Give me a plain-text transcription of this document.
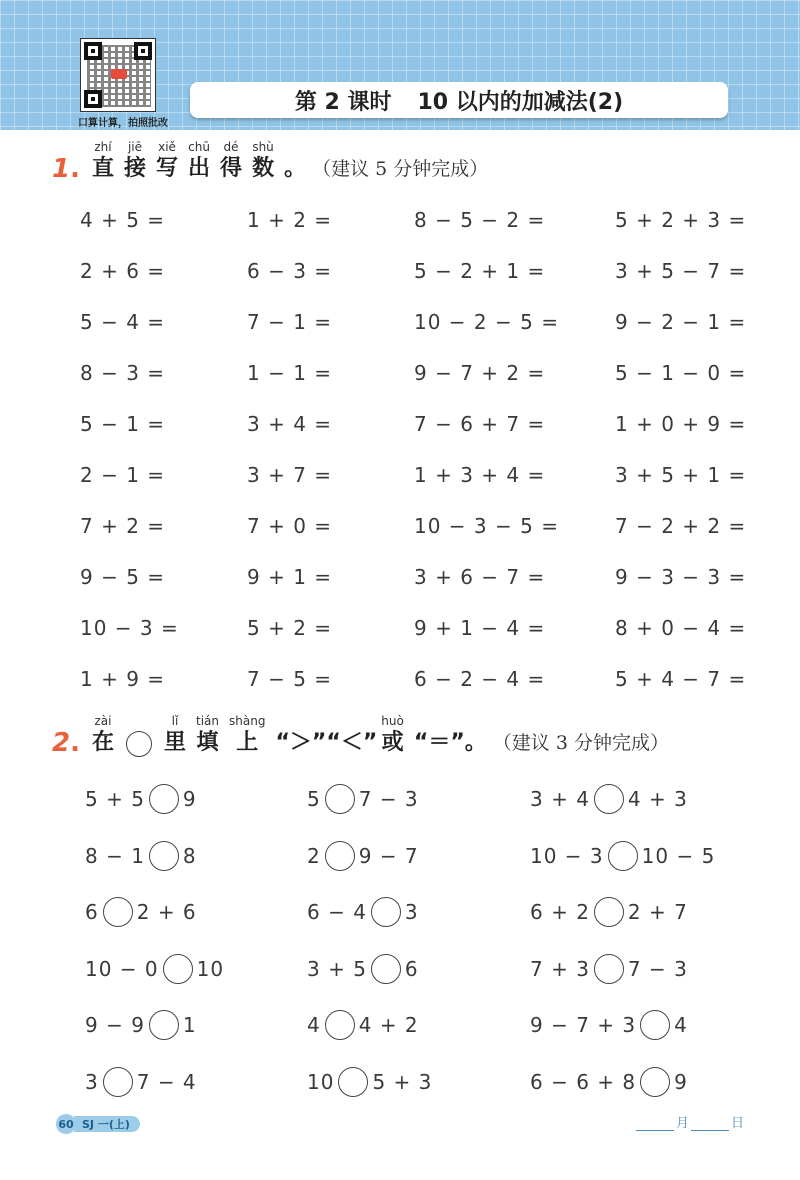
口算计算，拍照批改
第 2 课时 10 以内的加减法(2)
1.
zhí
直
jiē
接
xiě
写
chū
出
dé
得
shù
数 。 （建议 5 分钟完成）
4 + 5 =	1 + 2 =	8 − 5 − 2 =	5 + 2 + 3 =
2 + 6 =	6 − 3 =	5 − 2 + 1 =	3 + 5 − 7 =
5 − 4 =	7 − 1 =	10 − 2 − 5 =	9 − 2 − 1 =
8 − 3 =	1 − 1 =	9 − 7 + 2 =	5 − 1 − 0 =
5 − 1 =	3 + 4 =	7 − 6 + 7 =	1 + 0 + 9 =
2 − 1 =	3 + 7 =	1 + 3 + 4 =	3 + 5 + 1 =
7 + 2 =	7 + 0 =	10 − 3 − 5 =	7 − 2 + 2 =
9 − 5 =	9 + 1 =	3 + 6 − 7 =	9 − 3 − 3 =
10 − 3 =	5 + 2 =	9 + 1 − 4 =	8 + 0 − 4 =
1 + 9 =	7 − 5 =	6 − 2 − 4 =	5 + 4 − 7 =
2.
zài
在
lǐ
里
tián
填
shàng
上 “＞”“＜”
huò
或 “＝”。 （建议 3 分钟完成）
5 + 5 9	5 7 − 3	3 + 4 4 + 3
8 − 1 8	2 9 − 7	10 − 3 10 − 5
6 2 + 6	6 − 4 3	6 + 2 2 + 7
10 − 0 10	3 + 5 6	7 + 3 7 − 3
9 − 9 1	4 4 + 2	9 − 7 + 3 4
3 7 − 4	10 5 + 3	6 − 6 + 8 9
60 SJ 一(上)	月	日
